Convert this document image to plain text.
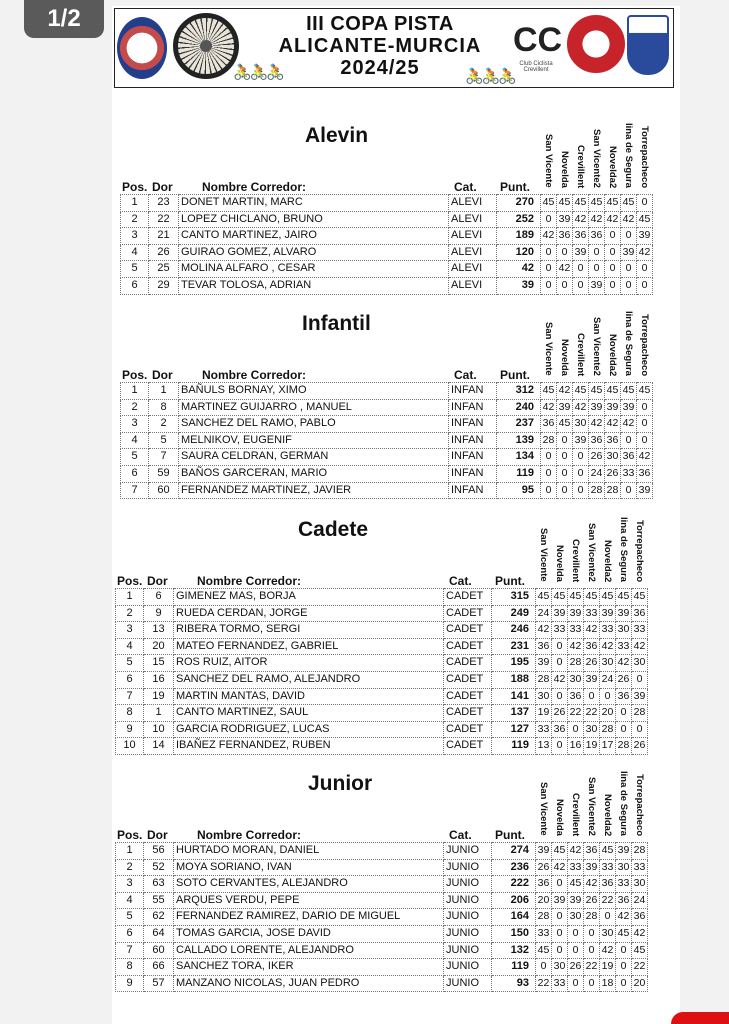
1/2	III COPA PISTA
ALICANTE-MURCIA
2024/25
🚴🚴🚴	🚴🚴🚴
CC
Club Ciclista Crevillent
Alevin	San Vicente Novelda Crevillent San Vicente2 Novelda2 lina de Segura Torrepacheco
Pos. Dor Nombre Corredor:	Cat. Punt.
1	23	DONET MARTIN, MARC	ALEVI	270	45	45	45	45	45	45	0
2	22	LOPEZ CHICLANO, BRUNO	ALEVI	252	0	39	42	42	42	42	45
3	21	CANTO MARTINEZ, JAIRO	ALEVI	189	42	36	36	36	0	0	39
4	26	GUIRAO GOMEZ, ALVARO	ALEVI	120	0	0	39	0	0	39	42
5	25	MOLINA ALFARO , CESAR	ALEVI	42	0	42	0	0	0	0	0
6	29	TEVAR TOLOSA, ADRIAN	ALEVI	39	0	0	0	39	0	0	0
Infantil	San Vicente Novelda Crevillent San Vicente2 Novelda2 lina de Segura Torrepacheco
Pos. Dor Nombre Corredor:	Cat. Punt.
1	1	BAÑULS BORNAY, XIMO	INFAN	312	45	42	45	45	45	45	45
2	8	MARTINEZ GUIJARRO , MANUEL	INFAN	240	42	39	42	39	39	39	0
3	2	SANCHEZ DEL RAMO, PABLO	INFAN	237	36	45	30	42	42	42	0
4	5	MELNIKOV, EUGENIF	INFAN	139	28	0	39	36	36	0	0
5	7	SAURA CELDRAN, GERMAN	INFAN	134	0	0	0	26	30	36	42
6	59	BAÑOS GARCERAN, MARIO	INFAN	119	0	0	0	24	26	33	36
7	60	FERNANDEZ MARTINEZ, JAVIER	INFAN	95	0	0	0	28	28	0	39
Cadete	San Vicente Novelda Crevillent San Vicente2 Novelda2 lina de Segura Torrepacheco
Pos. Dor Nombre Corredor:	Cat. Punt.
1	6	GIMENEZ MAS, BORJA	CADET	315	45	45	45	45	45	45	45
2	9	RUEDA CERDAN, JORGE	CADET	249	24	39	39	33	39	39	36
3	13	RIBERA TORMO, SERGI	CADET	246	42	33	33	42	33	30	33
4	20	MATEO FERNANDEZ, GABRIEL	CADET	231	36	0	42	36	42	33	42
5	15	ROS RUIZ, AITOR	CADET	195	39	0	28	26	30	42	30
6	16	SANCHEZ DEL RAMO, ALEJANDRO	CADET	188	28	42	30	39	24	26	0
7	19	MARTIN MANTAS, DAVID	CADET	141	30	0	36	0	0	36	39
8	1	CANTO MARTINEZ, SAUL	CADET	137	19	26	22	22	20	0	28
9	10	GARCIA RODRIGUEZ, LUCAS	CADET	127	33	36	0	30	28	0	0
10	14	IBAÑEZ FERNANDEZ, RUBEN	CADET	119	13	0	16	19	17	28	26
Junior	San Vicente Novelda Crevillent San Vicente2 Novelda2 lina de Segura Torrepacheco
Pos. Dor Nombre Corredor:	Cat. Punt.
1	56	HURTADO MORAN, DANIEL	JUNIO	274	39	45	42	36	45	39	28
2	52	MOYA SORIANO, IVAN	JUNIO	236	26	42	33	39	33	30	33
3	63	SOTO CERVANTES, ALEJANDRO	JUNIO	222	36	0	45	42	36	33	30
4	55	ARQUES VERDU, PEPE	JUNIO	206	20	39	39	26	22	36	24
5	62	FERNANDEZ RAMIREZ, DARIO DE MIGUEL	JUNIO	164	28	0	30	28	0	42	36
6	64	TOMAS GARCIA, JOSE DAVID	JUNIO	150	33	0	0	0	30	45	42
7	60	CALLADO LORENTE, ALEJANDRO	JUNIO	132	45	0	0	0	42	0	45
8	66	SANCHEZ TORA, IKER	JUNIO	119	0	30	26	22	19	0	22
9	57	MANZANO NICOLAS, JUAN PEDRO	JUNIO	93	22	33	0	0	18	0	20
